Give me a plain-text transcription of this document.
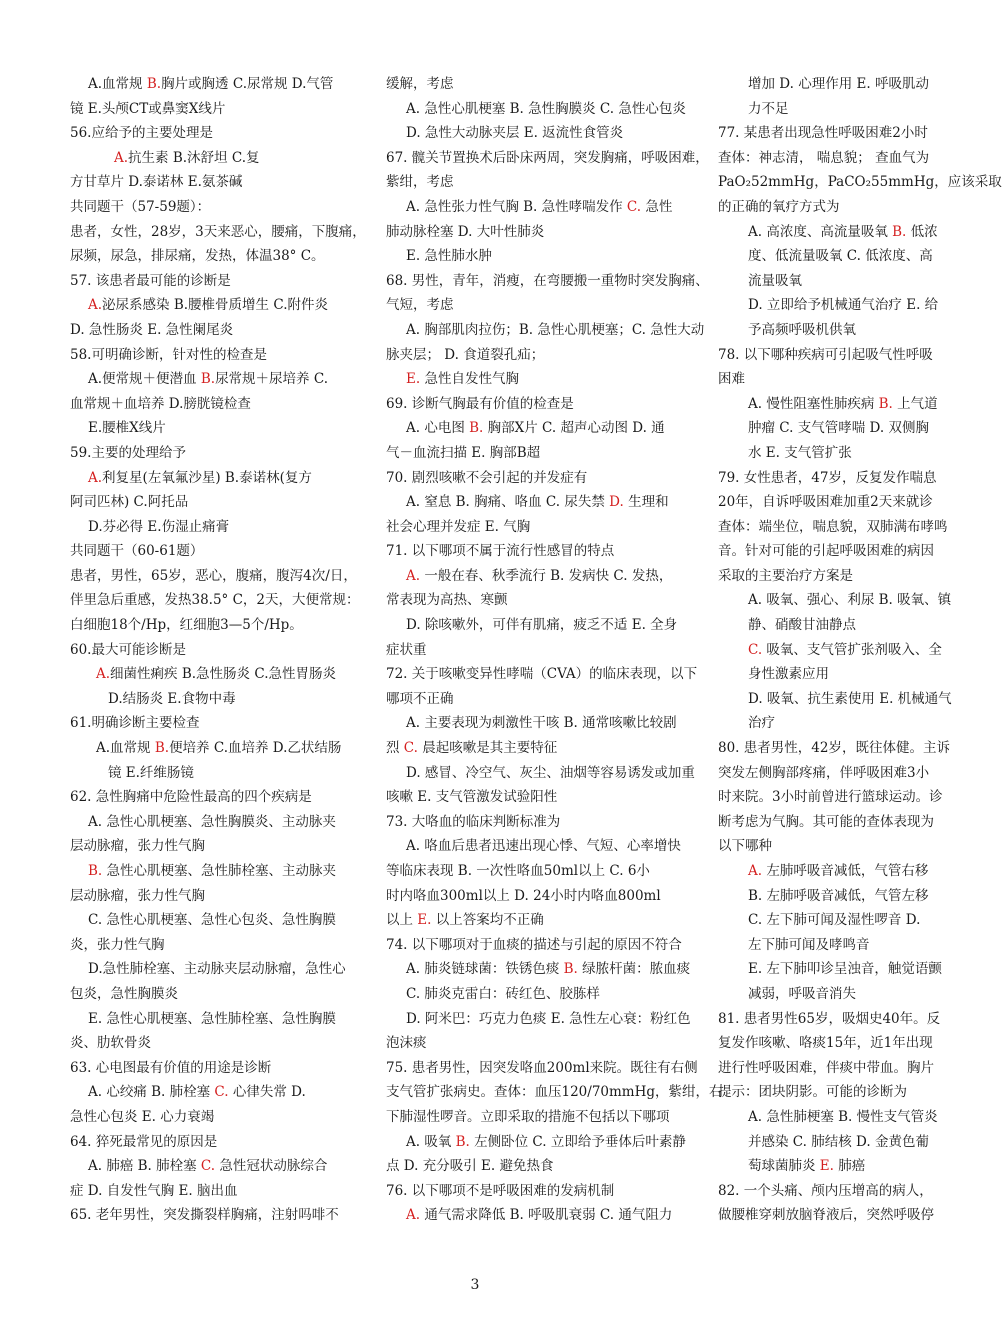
A.血常规 B.胸片或胸透 C.尿常规 D.气管
镜 E.头颅CT或鼻窦X线片
56.应给予的主要处理是
A.抗生素 B.沐舒坦 C.复
方甘草片 D.泰诺林 E.氨茶碱
共同题干（57-59题）：
患者，女性，28岁，3天来恶心，腰痛，下腹痛，
尿频，尿急，排尿痛，发热，体温38° C。
57. 该患者最可能的诊断是
A.泌尿系感染 B.腰椎骨质增生 C.附件炎
D. 急性肠炎 E. 急性阑尾炎
58.可明确诊断，针对性的检查是
A.便常规＋便潜血 B.尿常规＋尿培养 C.
血常规＋血培养 D.膀胱镜检查
E.腰椎X线片
59.主要的处理给予
A.利复星(左氧氟沙星) B.泰诺林(复方
阿司匹林) C.阿托品
D.芬必得 E.伤湿止痛膏
共同题干（60-61题）
患者，男性，65岁，恶心，腹痛，腹泻4次/日，
伴里急后重感，发热38.5° C，2天，大便常规：
白细胞18个/Hp，红细胞3—5个/Hp。
60.最大可能诊断是
A.细菌性痢疾 B.急性肠炎 C.急性胃肠炎
D.结肠炎 E.食物中毒
61.明确诊断主要检查
A.血常规 B.便培养 C.血培养 D.乙状结肠
镜 E.纤维肠镜
62. 急性胸痛中危险性最高的四个疾病是
A. 急性心肌梗塞、急性胸膜炎、主动脉夹
层动脉瘤，张力性气胸
B. 急性心肌梗塞、急性肺栓塞、主动脉夹
层动脉瘤，张力性气胸
C. 急性心肌梗塞、急性心包炎、急性胸膜
炎，张力性气胸
D.急性肺栓塞、主动脉夹层动脉瘤，急性心
包炎，急性胸膜炎
E. 急性心肌梗塞、急性肺栓塞、急性胸膜
炎、肋软骨炎
63. 心电图最有价值的用途是诊断
A. 心绞痛 B. 肺栓塞 C. 心律失常 D.
急性心包炎 E. 心力衰竭
64. 猝死最常见的原因是
A. 肺癌 B. 肺栓塞 C. 急性冠状动脉综合
症 D. 自发性气胸 E. 脑出血
65. 老年男性，突发撕裂样胸痛，注射吗啡不
缓解，考虑
A. 急性心肌梗塞 B. 急性胸膜炎 C. 急性心包炎
D. 急性大动脉夹层 E. 返流性食管炎
67. 髋关节置换术后卧床两周，突发胸痛，呼吸困难，
紫绀，考虑
A. 急性张力性气胸 B. 急性哮喘发作 C. 急性
肺动脉栓塞 D. 大叶性肺炎
E. 急性肺水肿
68. 男性，青年，消瘦，在弯腰搬一重物时突发胸痛、
气短，考虑
A. 胸部肌肉拉伤；B. 急性心肌梗塞；C. 急性大动
脉夹层； D. 食道裂孔疝；
E. 急性自发性气胸
69. 诊断气胸最有价值的检查是
A. 心电图 B. 胸部X片 C. 超声心动图 D. 通
气－血流扫描 E. 胸部B超
70. 剧烈咳嗽不会引起的并发症有
A. 窒息 B. 胸痛、咯血 C. 尿失禁 D. 生理和
社会心理并发症 E. 气胸
71. 以下哪项不属于流行性感冒的特点
A. 一般在春、秋季流行 B. 发病快 C. 发热，
常表现为高热、寒颤
D. 除咳嗽外，可伴有肌痛，疲乏不适 E. 全身
症状重
72. 关于咳嗽变异性哮喘（CVA）的临床表现，以下
哪项不正确
A. 主要表现为刺激性干咳 B. 通常咳嗽比较剧
烈 C. 晨起咳嗽是其主要特征
D. 感冒、冷空气、灰尘、油烟等容易诱发或加重
咳嗽 E. 支气管激发试验阳性
73. 大咯血的临床判断标准为
A. 咯血后患者迅速出现心悸、气短、心率增快
等临床表现 B. 一次性咯血50ml以上 C. 6小
时内咯血300ml以上 D. 24小时内咯血800ml
以上 E. 以上答案均不正确
74. 以下哪项对于血痰的描述与引起的原因不符合
A. 肺炎链球菌：铁锈色痰 B. 绿脓杆菌：脓血痰
C. 肺炎克雷白：砖红色、胶胨样
D. 阿米巴：巧克力色痰 E. 急性左心衰：粉红色
泡沫痰
75. 患者男性，因突发咯血200ml来院。既往有右侧
支气管扩张病史。查体：血压120/70mmHg，紫绀，右
下肺湿性啰音。立即采取的措施不包括以下哪项
A. 吸氧 B. 左侧卧位 C. 立即给予垂体后叶素静
点 D. 充分吸引 E. 避免热食
76. 以下哪项不是呼吸困难的发病机制
A. 通气需求降低 B. 呼吸肌衰弱 C. 通气阻力
增加 D. 心理作用 E. 呼吸肌动
力不足
77. 某患者出现急性呼吸困难2小时
查体：神志清， 喘息貌； 查血气为
PaO₂52mmHg，PaCO₂55mmHg，应该采取
的正确的氧疗方式为
A. 高浓度、高流量吸氧 B. 低浓
度、低流量吸氧 C. 低浓度、高
流量吸氧
D. 立即给予机械通气治疗 E. 给
予高频呼吸机供氧
78. 以下哪种疾病可引起吸气性呼吸
困难
A. 慢性阻塞性肺疾病 B. 上气道
肿瘤 C. 支气管哮喘 D. 双侧胸
水 E. 支气管扩张
79. 女性患者，47岁，反复发作喘息
20年，自诉呼吸困难加重2天来就诊
查体：端坐位，喘息貌，双肺满布哮鸣
音。针对可能的引起呼吸困难的病因
采取的主要治疗方案是
A. 吸氧、强心、利尿 B. 吸氧、镇
静、硝酸甘油静点
C. 吸氧、支气管扩张剂吸入、全
身性激素应用
D. 吸氧、抗生素使用 E. 机械通气
治疗
80. 患者男性，42岁，既往体健。主诉
突发左侧胸部疼痛，伴呼吸困难3小
时来院。3小时前曾进行篮球运动。诊
断考虑为气胸。其可能的查体表现为
以下哪种
A. 左肺呼吸音减低，气管右移
B. 左肺呼吸音减低，气管左移
C. 左下肺可闻及湿性啰音 D.
左下肺可闻及哮鸣音
E. 左下肺叩诊呈浊音，触觉语颤
减弱，呼吸音消失
81. 患者男性65岁，吸烟史40年。反
复发作咳嗽、咯痰15年，近1年出现
进行性呼吸困难，伴痰中带血。胸片
提示：团块阴影。可能的诊断为
A. 急性肺梗塞 B. 慢性支气管炎
并感染 C. 肺结核 D. 金黄色葡
萄球菌肺炎 E. 肺癌
82. 一个头痛、颅内压增高的病人，
做腰椎穿刺放脑脊液后，突然呼吸停
3
